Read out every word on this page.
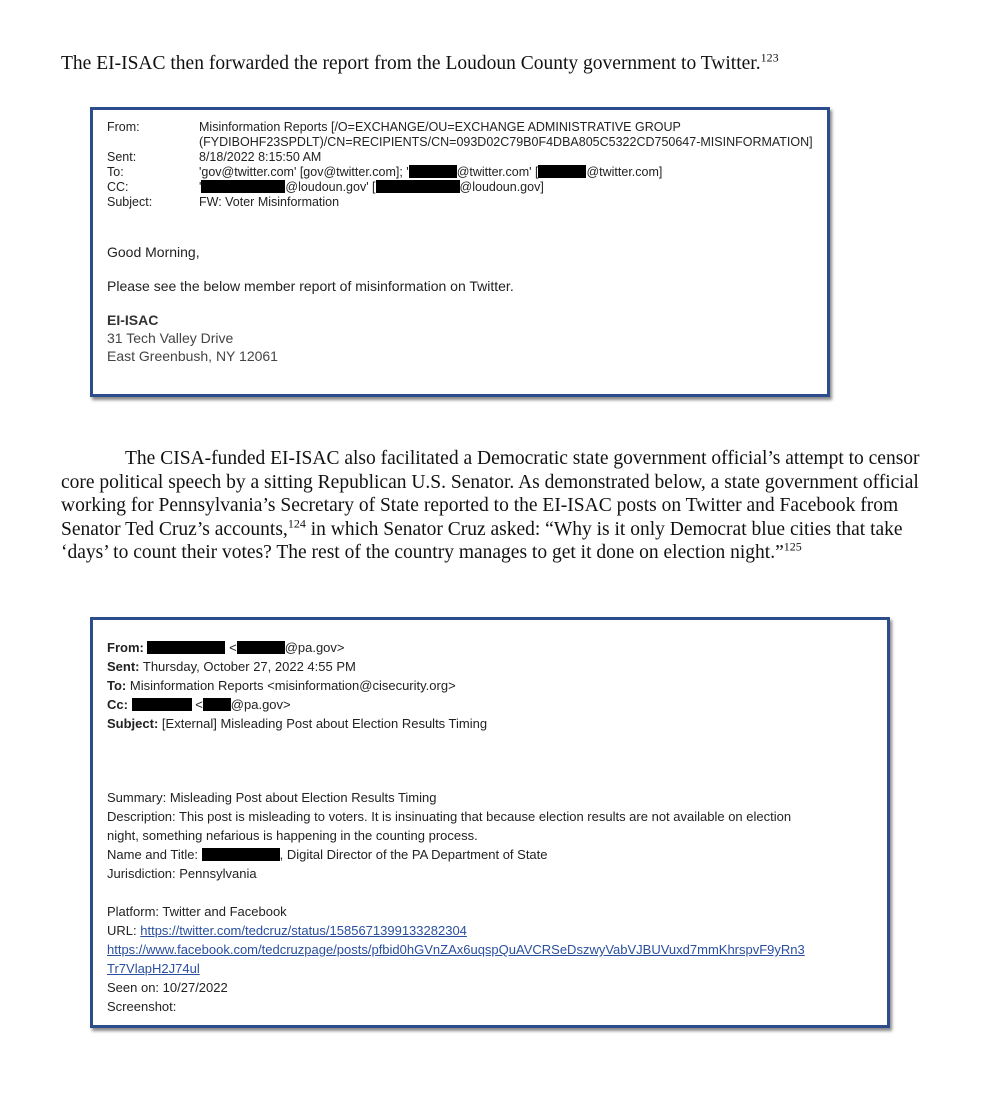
The EI-ISAC then forwarded the report from the Loudoun County government to Twitter.$^{123}$
From:	Misinformation Reports [/O=EXCHANGE/OU=EXCHANGE ADMINISTRATIVE GROUP
(FYDIBOHF23SPDLT)/CN=RECIPIENTS/CN=093D02C79B0F4DBA805C5322CD750647-MISINFORMATION]
Sent:	8/18/2022 8:15:50 AM
To:	'gov@twitter.com' [gov@twitter.com]; '	@twitter.com' [	@twitter.com]
CC:	'	@loudoun.gov' [	@loudoun.gov]
Subject:	FW: Voter Misinformation
Good Morning,
Please see the below member report of misinformation on Twitter.
EI-ISAC
31 Tech Valley Drive
East Greenbush, NY 12061
The CISA-funded EI-ISAC also facilitated a Democratic state government official’s attempt to censor core political speech by a sitting Republican U.S. Senator. As demonstrated below, a state government official working for Pennsylvania’s Secretary of State reported to the EI-ISAC posts on Twitter and Facebook from Senator Ted Cruz’s accounts,$^{124}$ in which Senator Cruz asked: “Why is it only Democrat blue cities that take ‘days’ to count their votes? The rest of the country manages to get it done on election night.”$^{125}$
From:	<	@pa.gov>
Sent: Thursday, October 27, 2022 4:55 PM
To: Misinformation Reports <misinformation@cisecurity.org>
Cc:	< @pa.gov>
Subject: [External] Misleading Post about Election Results Timing
Summary: Misleading Post about Election Results Timing
Description: This post is misleading to voters. It is insinuating that because election results are not available on election
night, something nefarious is happening in the counting process.
Name and Title:	, Digital Director of the PA Department of State
Jurisdiction: Pennsylvania
Platform: Twitter and Facebook
URL: https://twitter.com/tedcruz/status/1585671399133282304
https://www.facebook.com/tedcruzpage/posts/pfbid0hGVnZAx6uqspQuAVCRSeDszwyVabVJBUVuxd7mmKhrspvF9yRn3
Tr7VlapH2J74ul
Seen on: 10/27/2022
Screenshot:
